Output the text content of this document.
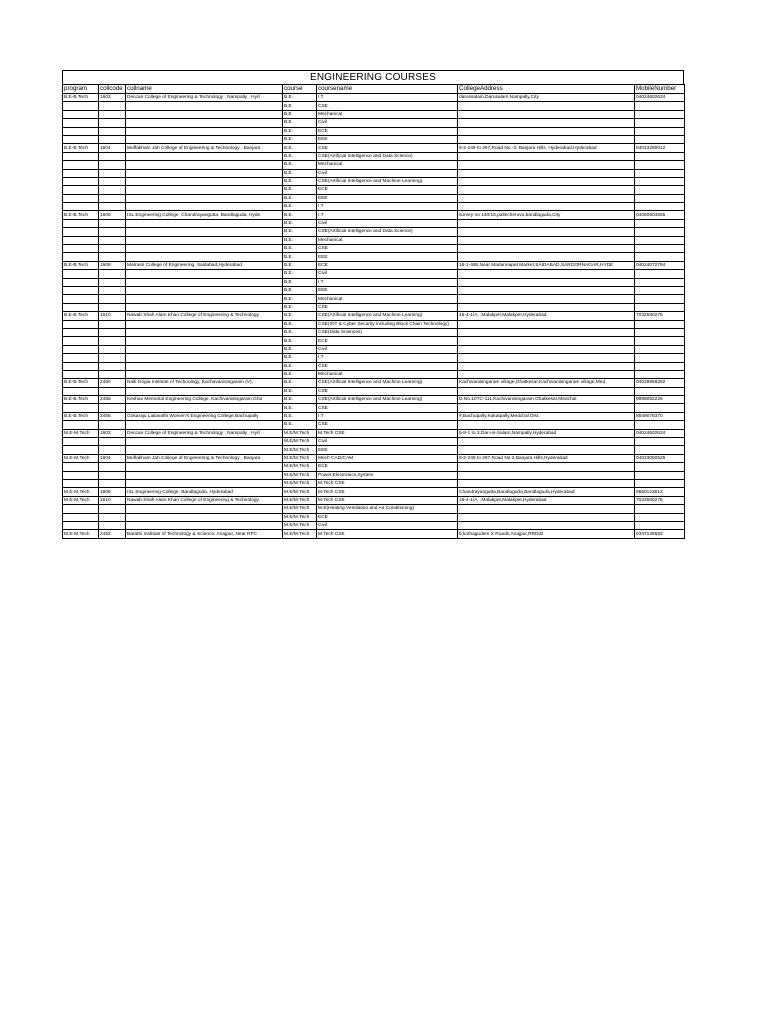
ENGINEERING COURSES
program	collcode	collname	course	coursename	CollegeAddress	MobileNumber
B.E-B.Tech	1603	Deccan College of Engineering & Technology , Nampally , Hyd	B.E.	I.T	darussalam,Darusalam,Nampally,City	04024602634
			B.E.	CSE		
			B.E.	Mechanical		
			B.E.	Civil		
			B.E.	ECE		
			B.E.	EEE		
B.E-B.Tech	1604	Muffakham Jah College of Engineering & Technology , Banjara	B.E.	CSE	8-2-249 to 267,Road No.-3, Banjara Hills, Hyderabad,Hyderabad	04023280012
			B.E.	CSE(Artificial Intelligence and Data Science)		
			B.E.	Mechanical		
			B.E.	Civil		
			B.E.	CSE(Artificial Intelligence and Machine Learning)		
			B.E.	ECE		
			B.E.	EEE		
			B.E.	I.T		
B.E-B.Tech	1605	ISL Engineering College, Chandrayangutta, Bandlaguda, Hyde	B.E.	I.T	survey no 130/15,pallecheruvu,bandlaguda,City	04060504555
			B.E.	Civil		
			B.E.	CSE(Artificial Intelligence and Data Science)		
			B.E.	Mechanical		
			B.E.	CSE		
			B.E.	EEE		
B.E-B.Tech	1608	Matrusri College of Engineering, Saidabad,Hyderabad	B.E.	ECE	16-1-486,Near Madannapet Market,SAIDABAD,SAROORNAGAR,HYDE	04024072764
			B.E.	Civil		
			B.E.	I.T		
			B.E.	EEE		
			B.E.	Mechanical		
			B.E.	CSE		
B.E-B.Tech	1610	Nawab Shah Alam Khan College of Engineering & Technology	B.E.	CSE(Artificial Intelligence and Machine Learning)	16-4-1/A, ,Malakpet,Malakpet,Hyderabad	7032580275
			B.E.	CSE(IOT & Cyber Security including Block Chain Technology)		
			B.E.	CSE(Data Sciences)		
			B.E.	ECE		
			B.E.	Civil		
			B.E.	I.T		
			B.E.	CSE		
			B.E.	Mechanical		
B.E-B.Tech	2450	Nalli Gogia Institute of Technology, Kachavanisingaram (V),	B.E.	CSE(Artificial Intelligence and Machine Learning)	Kachivanisingaram village,Ghatkesar,Kachivanisingaram village,Med	04029858282
			B.E.	CSE		
B.E-B.Tech	2455	Keshav Memorial Engineering College, Kachivanisingaram,Gha	B.E.	CSE(Artificial Intelligence and Machine Learning)	D.No.10TC-111,Kachivanisingaram,Ghatkesar,Medchal	9989052226
			B.E.	CSE		
B.E-B.Tech	2456	Gokaraju Lailavathi Women's Engineering College,Bachupally	B.E.	I.T	#,Bachupally,Kukatpally,Medchal Dist.	8649078370
			B.E.	CSE		
M.E-M.Tech	1603	Deccan College of Engineering & Technology , Nampally , Hyd	M.E/M.Tech	M.Tech CSE	5-8-1 to 3,Dar-us-Salam,Nampally,Hyderabad	04024602634
			M.E/M.Tech	Civil		
			M.E/M.Tech	EEE		
M.E-M.Tech	1604	Muffakham Jah College of Engineering & Technology , Banjara	M.E/M.Tech	Mech CAD/CAM	8-2-249 to 267,Road No 3,Banjara Hills,Hyderabad	04023050525
			M.E/M.Tech	ECE		
			M.E/M.Tech	Power,Electronics,System		
			M.E/M.Tech	M.Tech CSE		
M.E-M.Tech	1605	ISL Engineering College, Bandlaguda, Hyderabad	M.E/M.Tech	M.Tech CSE	Chandrayangutta,Bandlaguda,Bandlaguda,Hyderabad	9550123612
M.E-M.Tech	1610	Nawab Shah Alam Khan College of Engineering & Technology	M.E/M.Tech	M.Tech CSE	16-4-1/A, ,Malakpet,Malakpet,Hyderabad	7032580275
			M.E/M.Tech	M.E(Heating Ventilation and Air Conditioning)		
			M.E/M.Tech	ECE		
			M.E/M.Tech	Civil		
M.E-M.Tech	2452	Barathi Institute of Technology & Science, Anajpur, Near RFC	M.E/M.Tech	M.Tech CSE	5,kothagudem X Roads,Anajpur,RRDist	9347136592
